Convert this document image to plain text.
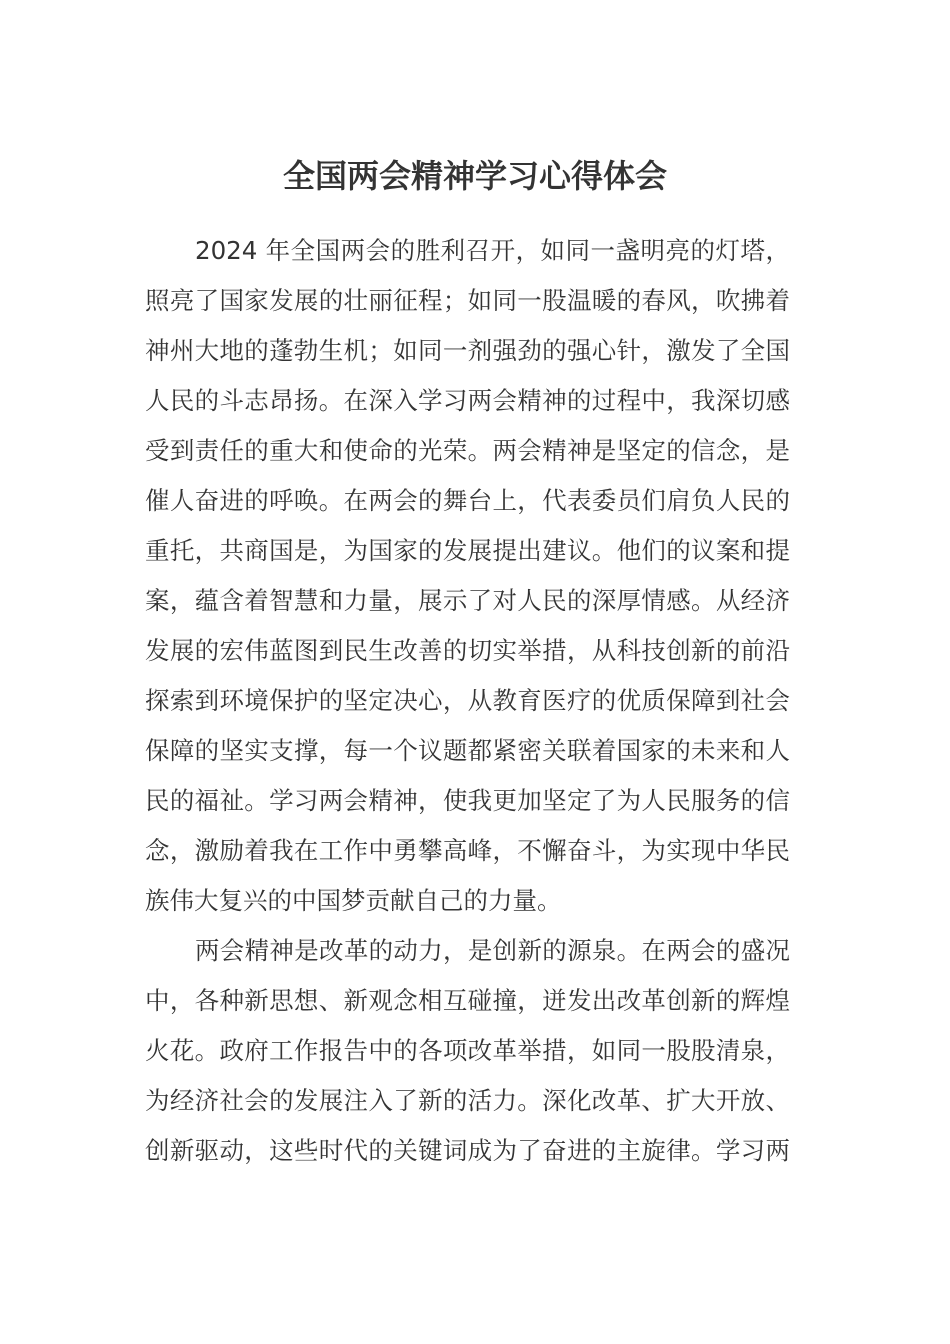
全国两会精神学习心得体会

2024 年全国两会的胜利召开，如同一盏明亮的灯塔，
照亮了国家发展的壮丽征程；如同一股温暖的春风，吹拂着
神州大地的蓬勃生机；如同一剂强劲的强心针，激发了全国
人民的斗志昂扬。在深入学习两会精神的过程中，我深切感
受到责任的重大和使命的光荣。两会精神是坚定的信念，是
催人奋进的呼唤。在两会的舞台上，代表委员们肩负人民的
重托，共商国是，为国家的发展提出建议。他们的议案和提
案，蕴含着智慧和力量，展示了对人民的深厚情感。从经济
发展的宏伟蓝图到民生改善的切实举措，从科技创新的前沿
探索到环境保护的坚定决心，从教育医疗的优质保障到社会
保障的坚实支撑，每一个议题都紧密关联着国家的未来和人
民的福祉。学习两会精神，使我更加坚定了为人民服务的信
念，激励着我在工作中勇攀高峰，不懈奋斗，为实现中华民
族伟大复兴的中国梦贡献自己的力量。

两会精神是改革的动力，是创新的源泉。在两会的盛况
中，各种新思想、新观念相互碰撞，迸发出改革创新的辉煌
火花。政府工作报告中的各项改革举措，如同一股股清泉，
为经济社会的发展注入了新的活力。深化改革、扩大开放、
创新驱动，这些时代的关键词成为了奋进的主旋律。学习两
